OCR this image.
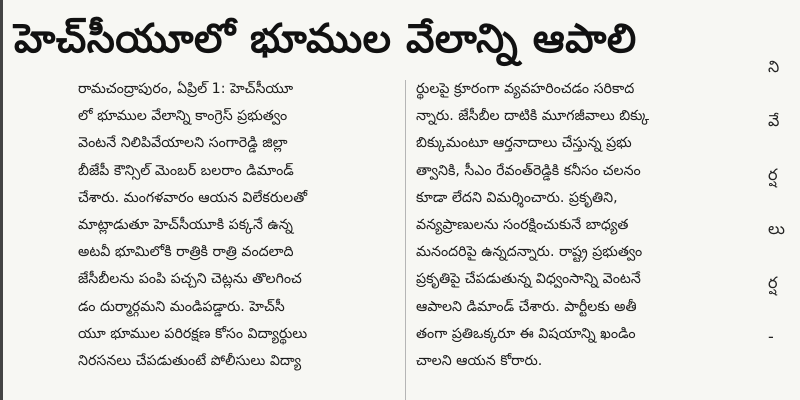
హెచ్‌సీయూలో భూముల వేలాన్ని ఆపాలి
రామచంద్రాపురం, ఏప్రిల్ 1: హెచ్‌సీయూ
లో భూముల వేలాన్ని కాంగ్రెస్ ప్రభుత్వం
వెంటనే నిలిపివేయాలని సంగారెడ్డి జిల్లా
బీజేపీ కౌన్సిల్ మెంబర్ బలరాం డిమాండ్
చేశారు. మంగళవారం ఆయన విలేకరులతో
మాట్లాడుతూ హెచ్‌సీయూకి పక్కనే ఉన్న
అటవీ భూమిలోకి రాత్రికి రాత్రి వందలాది
జేసీబీలను పంపి పచ్చని చెట్లను తొలగించ
డం దుర్మార్గమని మండిపడ్డారు. హెచ్‌సీ
యూ భూముల పరిరక్షణ కోసం విద్యార్థులు
నిరసనలు చేపడుతుంటే పోలీసులు విద్యా
ర్థులపై క్రూరంగా వ్యవహరించడం సరికాద
న్నారు. జేసీబీల దాటికి మూగజీవాలు బిక్కు
బిక్కుమంటూ ఆర్తనాదాలు చేస్తున్న ప్రభు
త్వానికి, సీఎం రేవంత్‌రెడ్డికి కనీసం చలనం
కూడా లేదని విమర్శించారు. ప్రకృతిని,
వన్యప్రాణులను సంరక్షించుకునే బాధ్యత
మనందరిపై ఉన్నదన్నారు. రాష్ట్ర ప్రభుత్వం
ప్రకృతిపై చేపడుతున్న విధ్వంసాన్ని వెంటనే
ఆపాలని డిమాండ్ చేశారు. పార్టీలకు అతీ
తంగా ప్రతిఒక్కరూ ఈ విషయాన్ని ఖండిం
చాలని ఆయన కోరారు.
ని
వే
ర్ష
లు
ర్ష
-
